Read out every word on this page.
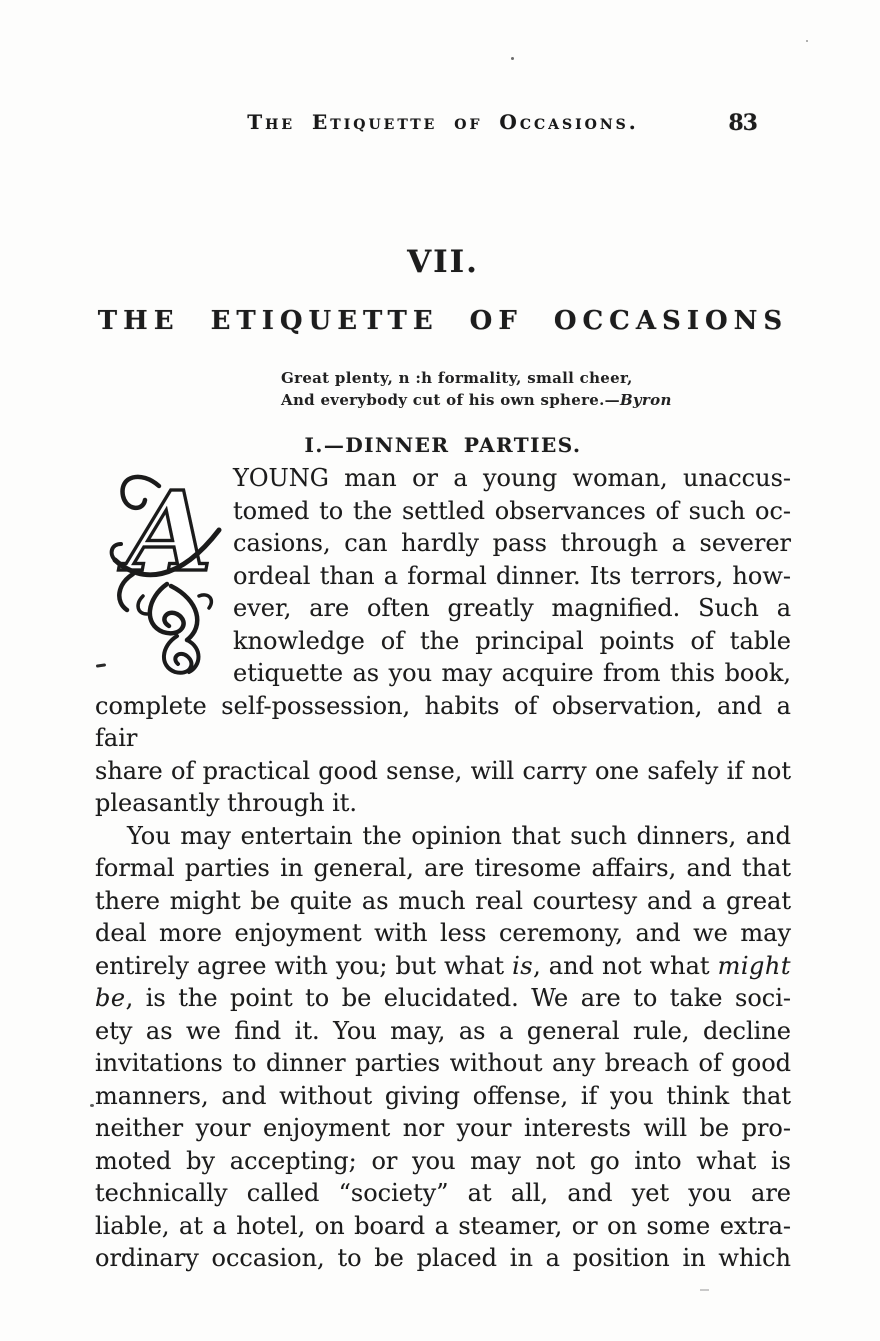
The Etiquette of Occasions.	83
VII.
THE ETIQUETTE OF OCCASIONS
Great plenty, n :h formality, small cheer,
And everybody cut of his own sphere.—Byron
I.—DINNER PARTIES.
A YOUNG man or a young woman, unaccus-
tomed to the settled observances of such oc-
casions, can hardly pass through a severer
ordeal than a formal dinner. Its terrors, how-
ever, are often greatly magnified. Such a
knowledge of the principal points of table
etiquette as you may acquire from this book,
complete self-possession, habits of observation, and a fair
share of practical good sense, will carry one safely if not
pleasantly through it.
You may entertain the opinion that such dinners, and
formal parties in general, are tiresome affairs, and that
there might be quite as much real courtesy and a great
deal more enjoyment with less ceremony, and we may
entirely agree with you; but what is, and not what might
be, is the point to be elucidated. We are to take soci-
ety as we find it. You may, as a general rule, decline
invitations to dinner parties without any breach of good
manners, and without giving offense, if you think that
neither your enjoyment nor your interests will be pro-
moted by accepting; or you may not go into what is
technically called “society” at all, and yet you are
liable, at a hotel, on board a steamer, or on some extra-
ordinary occasion, to be placed in a position in which
